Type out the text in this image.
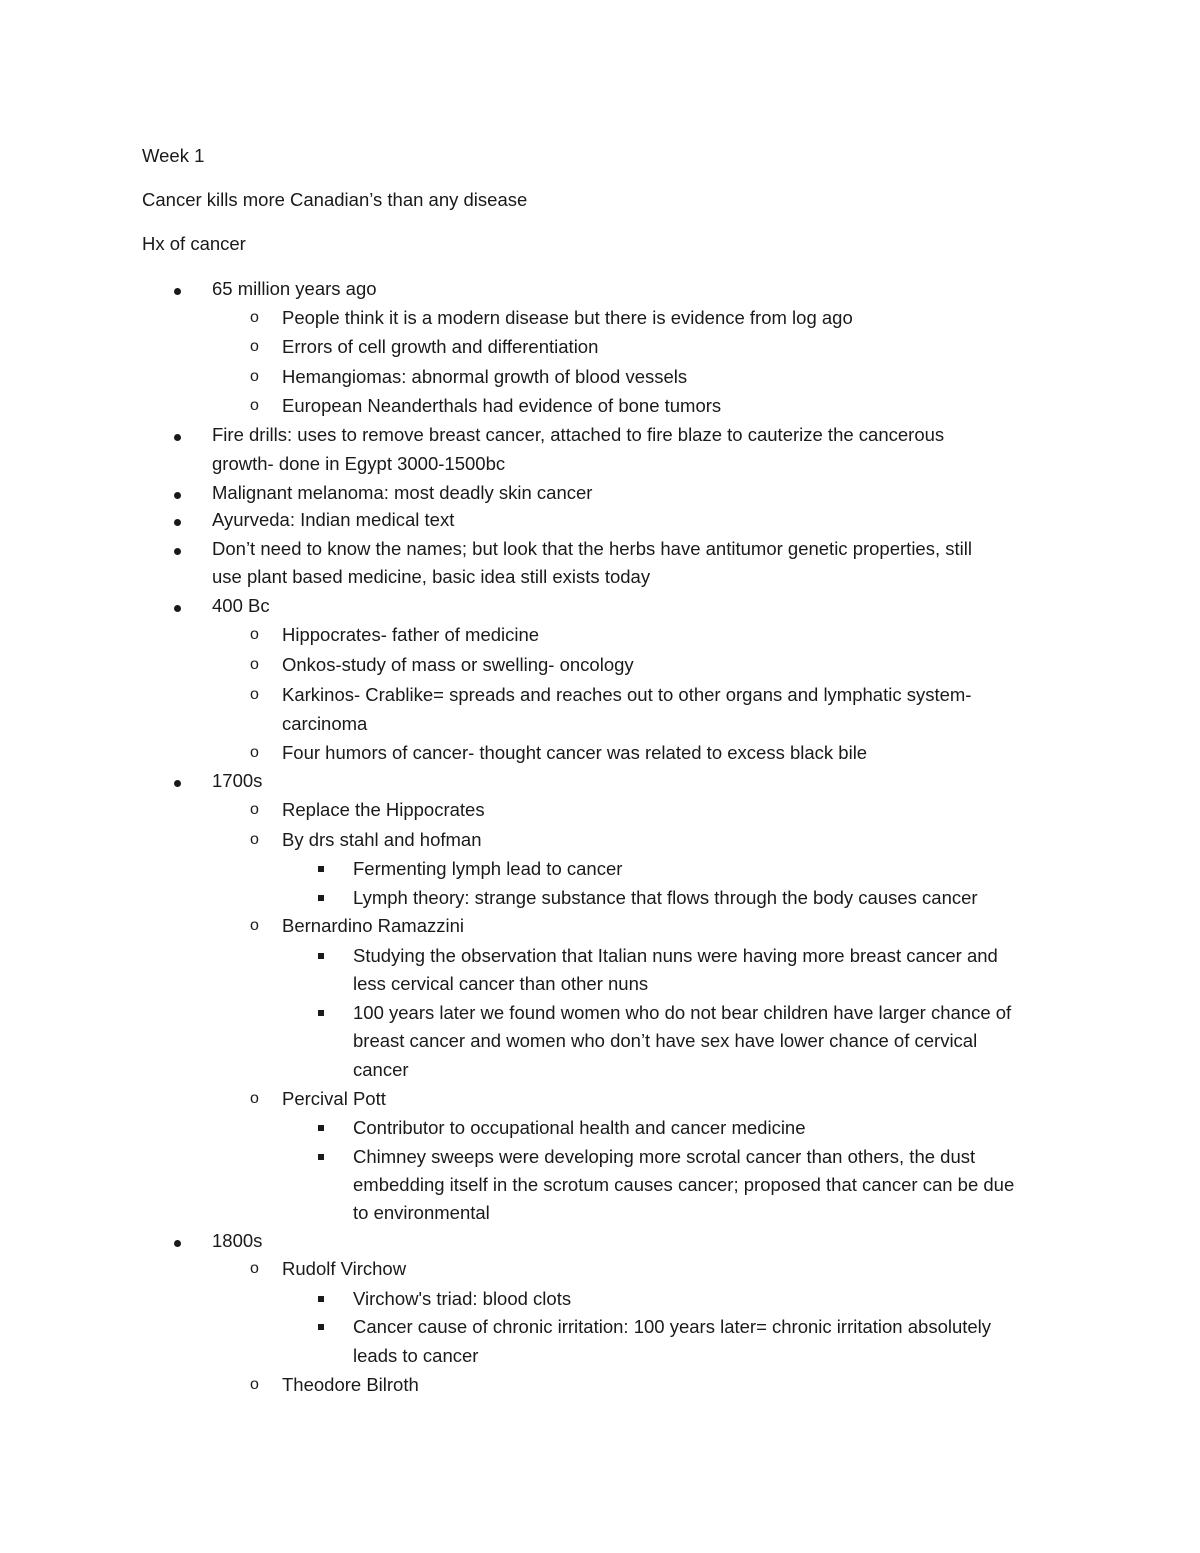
Week 1
Cancer kills more Canadian’s than any disease
Hx of cancer
65 million years ago
o People think it is a modern disease but there is evidence from log ago
o Errors of cell growth and differentiation
o Hemangiomas: abnormal growth of blood vessels
o European Neanderthals had evidence of bone tumors
Fire drills: uses to remove breast cancer, attached to fire blaze to cauterize the cancerous
growth- done in Egypt 3000-1500bc
Malignant melanoma: most deadly skin cancer
Ayurveda: Indian medical text
Don’t need to know the names; but look that the herbs have antitumor genetic properties, still
use plant based medicine, basic idea still exists today
400 Bc
o Hippocrates- father of medicine
o Onkos-study of mass or swelling- oncology
o Karkinos- Crablike= spreads and reaches out to other organs and lymphatic system-
carcinoma
o Four humors of cancer- thought cancer was related to excess black bile
1700s
o Replace the Hippocrates
o By drs stahl and hofman
Fermenting lymph lead to cancer
Lymph theory: strange substance that flows through the body causes cancer
o Bernardino Ramazzini
Studying the observation that Italian nuns were having more breast cancer and
less cervical cancer than other nuns
100 years later we found women who do not bear children have larger chance of
breast cancer and women who don’t have sex have lower chance of cervical
cancer
o Percival Pott
Contributor to occupational health and cancer medicine
Chimney sweeps were developing more scrotal cancer than others, the dust
embedding itself in the scrotum causes cancer; proposed that cancer can be due
to environmental
1800s
o Rudolf Virchow
Virchow's triad: blood clots
Cancer cause of chronic irritation: 100 years later= chronic irritation absolutely
leads to cancer
o Theodore Bilroth
